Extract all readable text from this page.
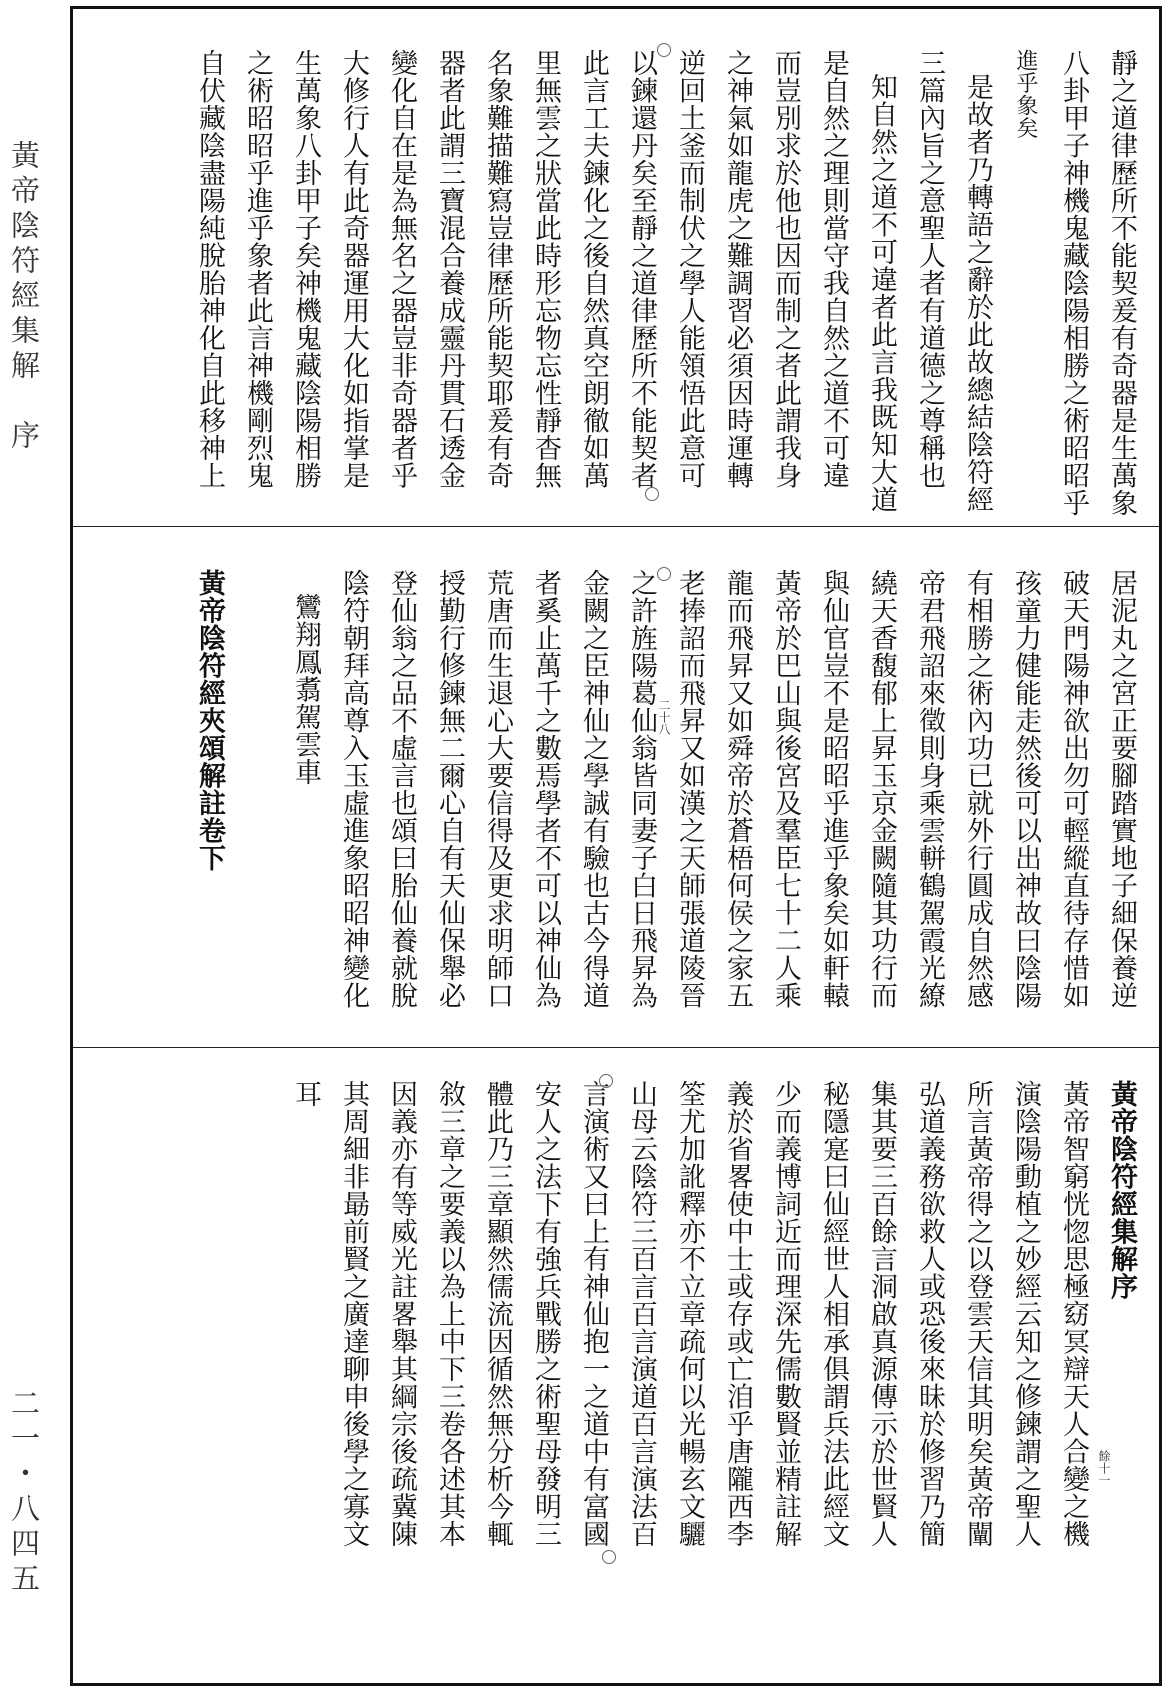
黃帝陰符經集解　序
二一・八四五
靜之道律歷所不能契爰有奇器是生萬象
八卦甲子神機鬼藏陰陽相勝之術昭昭乎
進乎象矣
是故者乃轉語之辭於此故總結陰符經
三篇內旨之意聖人者有道德之尊稱也
知自然之道不可違者此言我既知大道
是自然之理則當守我自然之道不可違
而豈別求於他也因而制之者此謂我身
之神氣如龍虎之難調習必須因時運轉
逆回土釜而制伏之學人能領悟此意可
以鍊還丹矣至靜之道律歷所不能契者
此言工夫鍊化之後自然真空朗徹如萬
里無雲之狀當此時形忘物忘性靜杳無
名象難描難寫豈律歷所能契耶爰有奇
器者此謂三寶混合養成靈丹貫石透金
變化自在是為無名之器豈非奇器者乎
大修行人有此奇器運用大化如指掌是
生萬象八卦甲子矣神機鬼藏陰陽相勝
之術昭昭乎進乎象者此言神機剛烈鬼
自伏藏陰盡陽純脫胎神化自此移神上
居泥丸之宮正要腳踏實地子細保養逆
破天門陽神欲出勿可輕縱直待存惜如
孩童力健能走然後可以出神故曰陰陽
有相勝之術內功已就外行圓成自然感
帝君飛詔來徵則身乘雲軿鶴駕霞光繚
繞天香馥郁上昇玉京金闕隨其功行而
與仙官豈不是昭昭乎進乎象矣如軒轅
黃帝於巴山與後宮及羣臣七十二人乘
龍而飛昇又如舜帝於蒼梧何侯之家五
老捧詔而飛昇又如漢之天師張道陵晉
之許旌陽葛仙翁皆同妻子白日飛昇為
金闕之臣神仙之學誠有驗也古今得道
者奚止萬千之數焉學者不可以神仙為
荒唐而生退心大要信得及更求明師口
授勤行修鍊無二爾心自有天仙保舉必
登仙翁之品不虛言也頌曰胎仙養就脫
陰符朝拜高尊入玉虛進象昭昭神變化
鸞翔鳳翥駕雲車
黃帝陰符經夾頌解註卷下	二十八
黃帝陰符經集解序
黃帝智窮恍惚思極窈冥辯天人合變之機
演陰陽動植之妙經云知之修鍊謂之聖人
所言黃帝得之以登雲天信其明矣黃帝闡
弘道義務欲救人或恐後來昧於修習乃簡
集其要三百餘言洞啟真源傳示於世賢人
秘隱寔曰仙經世人相承俱謂兵法此經文
少而義博詞近而理深先儒數賢並精註解
義於省畧使中士或存或亡洎乎唐隴西李
筌尤加訛釋亦不立章疏何以光暢玄文驪
山母云陰符三百言百言演道百言演法百
言演術又曰上有神仙抱一之道中有富國
安人之法下有強兵戰勝之術聖母發明三
體此乃三章顯然儒流因循然無分析今輒
敘三章之要義以為上中下三卷各述其本
因義亦有等威光註畧舉其綱宗後疏冀陳
其周細非朂前賢之廣達聊申後學之寡文
耳
餘十一
